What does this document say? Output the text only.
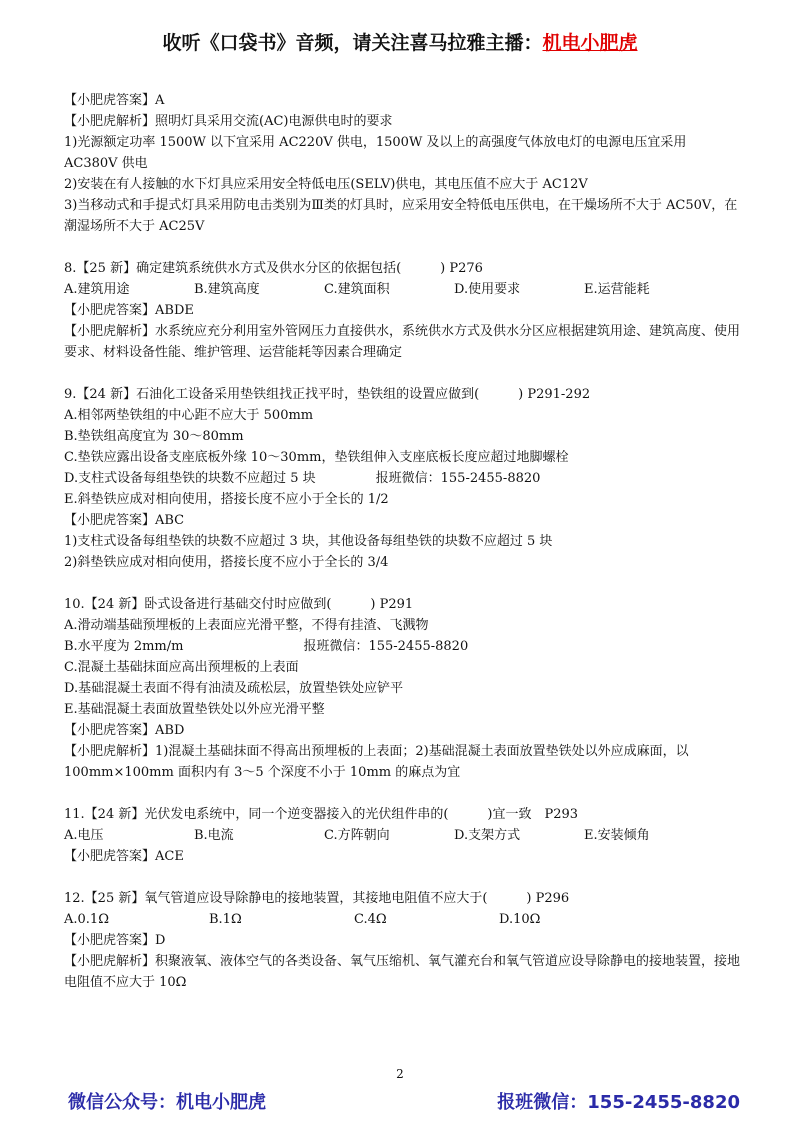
收听《口袋书》音频，请关注喜马拉雅主播：机电小肥虎

【小肥虎答案】A

【小肥虎解析】照明灯具采用交流(AC)电源供电时的要求

1)光源额定功率 1500W 以下宜采用 AC220V 供电，1500W 及以上的高强度气体放电灯的电源电压宜采用 AC380V 供电

2)安装在有人接触的水下灯具应采用安全特低电压(SELV)供电，其电压值不应大于 AC12V

3)当移动式和手提式灯具采用防电击类别为Ⅲ类的灯具时，应采用安全特低电压供电，在干燥场所不大于 AC50V，在潮湿场所不大于 AC25V

8.【25 新】确定建筑系统供水方式及供水分区的依据包括(　　　) P276

A.建筑用途	B.建筑高度	C.建筑面积	D.使用要求	E.运营能耗

【小肥虎答案】ABDE

【小肥虎解析】水系统应充分利用室外管网压力直接供水，系统供水方式及供水分区应根据建筑用途、建筑高度、使用要求、材料设备性能、维护管理、运营能耗等因素合理确定

9.【24 新】石油化工设备采用垫铁组找正找平时，垫铁组的设置应做到(　　　) P291-292

A.相邻两垫铁组的中心距不应大于 500mm

B.垫铁组高度宜为 30～80mm

C.垫铁应露出设备支座底板外缘 10～30mm，垫铁组伸入支座底板长度应超过地脚螺栓

D.支柱式设备每组垫铁的块数不应超过 5 块	报班微信：155-2455-8820

E.斜垫铁应成对相向使用，搭接长度不应小于全长的 1/2

【小肥虎答案】ABC

1)支柱式设备每组垫铁的块数不应超过 3 块，其他设备每组垫铁的块数不应超过 5 块

2)斜垫铁应成对相向使用，搭接长度不应小于全长的 3/4

10.【24 新】卧式设备进行基础交付时应做到(　　　) P291

A.滑动端基础预埋板的上表面应光滑平整，不得有挂渣、飞溅物

B.水平度为 2mm/m	报班微信：155-2455-8820

C.混凝土基础抹面应高出预埋板的上表面

D.基础混凝土表面不得有油渍及疏松层，放置垫铁处应铲平

E.基础混凝土表面放置垫铁处以外应光滑平整

【小肥虎答案】ABD

【小肥虎解析】1)混凝土基础抹面不得高出预埋板的上表面；2)基础混凝土表面放置垫铁处以外应成麻面，以 100mm×100mm 面积内有 3～5 个深度不小于 10mm 的麻点为宜

11.【24 新】光伏发电系统中，同一个逆变器接入的光伏组件串的(　　　)宜一致　P293

A.电压	B.电流	C.方阵朝向	D.支架方式	E.安装倾角

【小肥虎答案】ACE

12.【25 新】氧气管道应设导除静电的接地装置，其接地电阻值不应大于(　　　) P296

A.0.1Ω	B.1Ω	C.4Ω	D.10Ω

【小肥虎答案】D

【小肥虎解析】积聚液氧、液体空气的各类设备、氧气压缩机、氧气灌充台和氧气管道应设导除静电的接地装置，接地电阻值不应大于 10Ω

2
微信公众号：机电小肥虎	报班微信：155-2455-8820
